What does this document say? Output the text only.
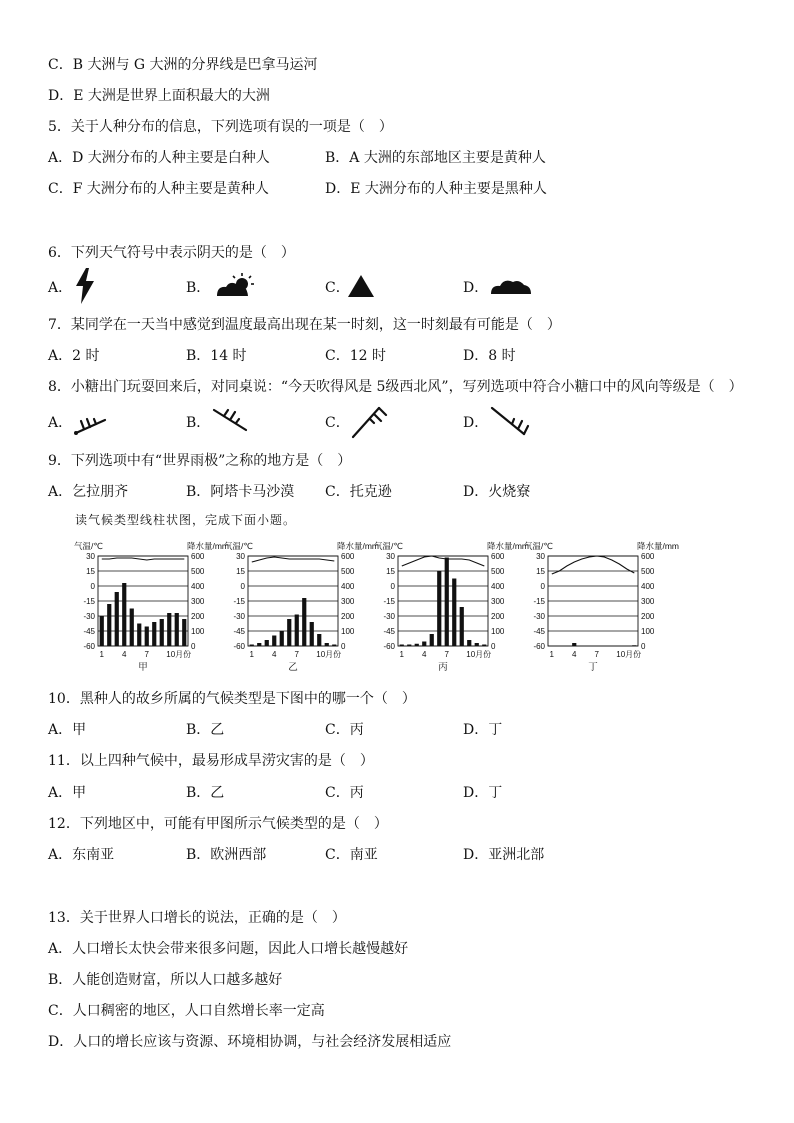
C．B 大洲与 G 大洲的分界线是巴拿马运河
D．E 大洲是世界上面积最大的大洲
5．关于人种分布的信息，下列选项有误的一项是（　）
A．D 大洲分布的人种主要是白种人	B．A 大洲的东部地区主要是黄种人
C．F 大洲分布的人种主要是黄种人	D．E 大洲分布的人种主要是黑种人
6．下列天气符号中表示阴天的是（　）
A．	B．	C．	D．
7．某同学在一天当中感觉到温度最高出现在某一时刻，这一时刻最有可能是（　）
A．2 时	B．14 时	C．12 时	D．8 时
8．小糖出门玩耍回来后，对同桌说：“今天吹得风是 5级西北风”，写列选项中符合小糖口中的风向等级是（　）
A．	B．	C．	D．
9．下列选项中有“世界雨极”之称的地方是（　）
A．乞拉朋齐	B．阿塔卡马沙漠 C．托克逊	D．火烧寮
读气候类型线柱状图，完成下面小题。
气温/℃	降水量/mm
30	600
15	500
0	400
-15	300
-30	200
-45	100
-60	0
1 4 7 10月份
甲
气温/℃	降水量/mm
30	600
15	500
0	400
-15	300
-30	200
-45	100
-60	0
1 4 7 10月份
乙
气温/℃	降水量/mm
30	600
15	500
0	400
-15	300
-30	200
-45	100
-60	0
1 4 7 10月份
丙
气温/℃	降水量/mm
30	600
15	500
0	400
-15	300
-30	200
-45	100
-60	0
1 4 7 10月份
丁
10．黑种人的故乡所属的气候类型是下图中的哪一个（　）
A．甲	B．乙	C．丙	D．丁
11．以上四种气候中，最易形成旱涝灾害的是（　）
A．甲	B．乙	C．丙	D．丁
12．下列地区中，可能有甲图所示气候类型的是（　）
A．东南亚	B．欧洲西部	C．南亚	D．亚洲北部
13．关于世界人口增长的说法，正确的是（　）
A．人口增长太快会带来很多问题，因此人口增长越慢越好
B．人能创造财富，所以人口越多越好
C．人口稠密的地区，人口自然增长率一定高
D．人口的增长应该与资源、环境相协调，与社会经济发展相适应
